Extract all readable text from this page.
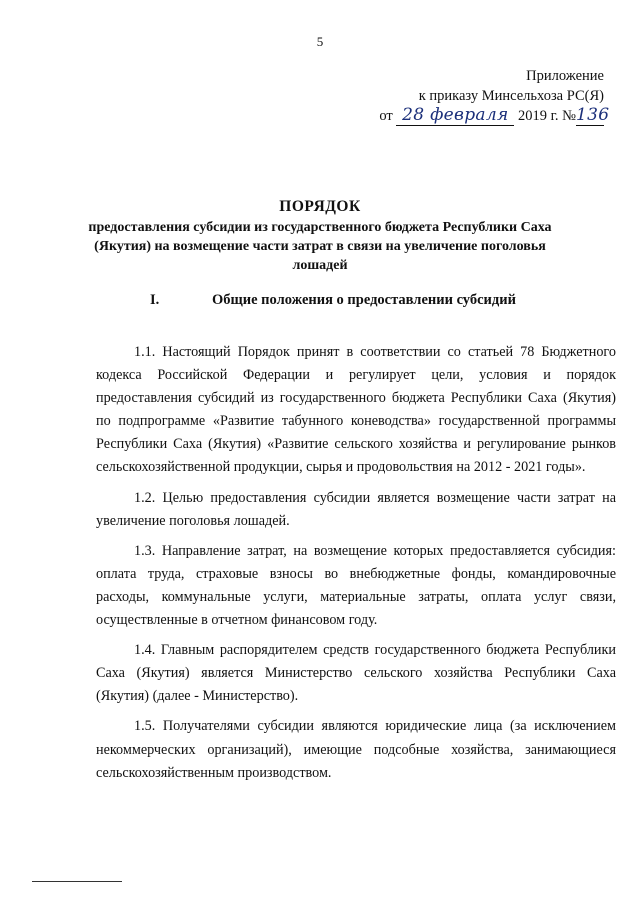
5
Приложение
к приказу Минсельхоза РС(Я)
от 28 февраля 2019 г. №136
ПОРЯДОК
предоставления субсидии из государственного бюджета Республики Саха (Якутия) на возмещение части затрат в связи на увеличение поголовья лошадей
I.	Общие положения о предоставлении субсидий

1.1. Настоящий Порядок принят в соответствии со статьей 78 Бюджетного кодекса Российской Федерации и регулирует цели, условия и порядок предоставления субсидий из государственного бюджета Республики Саха (Якутия) по подпрограмме «Развитие табунного коневодства» государственной программы Республики Саха (Якутия) «Развитие сельского хозяйства и регулирование рынков сельскохозяйственной продукции, сырья и продовольствия на 2012 - 2021 годы».

1.2. Целью предоставления субсидии является возмещение части затрат на увеличение поголовья лошадей.

1.3. Направление затрат, на возмещение которых предоставляется субсидия: оплата труда, страховые взносы во внебюджетные фонды, командировочные расходы, коммунальные услуги, материальные затраты, оплата услуг связи, осуществленные в отчетном финансовом году.

1.4. Главным распорядителем средств государственного бюджета Республики Саха (Якутия) является Министерство сельского хозяйства Республики Саха (Якутия) (далее - Министерство).

1.5. Получателями субсидии являются юридические лица (за исключением некоммерческих организаций), имеющие подсобные хозяйства, занимающиеся сельскохозяйственным производством.
